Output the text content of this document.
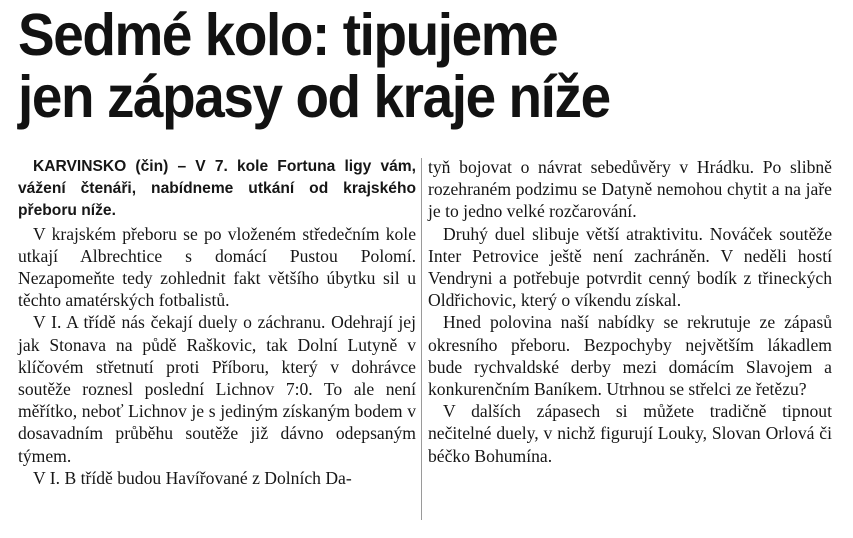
Sedmé kolo: tipujeme
jen zápasy od kraje níže

KARVINSKO (čin) – V 7. kole Fortuna ligy vám, vážení čtenáři, nabídneme utkání od krajského přeboru níže.

V krajském přeboru se po vloženém středečním kole utkají Albrechtice s domácí Pustou Polomí. Nezapomeňte tedy zohlednit fakt většího úbytku sil u těchto amatérských fotbalistů.

V I. A třídě nás čekají duely o záchranu. Odehrají jej jak Stonava na půdě Raškovic, tak Dolní Lutyně v klíčovém střetnutí proti Příboru, který v dohrávce soutěže roznesl poslední Lichnov 7:0. To ale není měřítko, neboť Lichnov je s jediným získaným bodem v dosavadním průběhu soutěže již dávno odepsaným týmem.

V I. B třídě budou Havířované z Dolních Da-

tyň bojovat o návrat sebedůvěry v Hrádku. Po slibně rozehraném podzimu se Datyně nemohou chytit a na jaře je to jedno velké rozčarování.

Druhý duel slibuje větší atraktivitu. Nováček soutěže Inter Petrovice ještě není zachráněn. V neděli hostí Vendryni a potřebuje potvrdit cenný bodík z třineckých Oldřichovic, který o víkendu získal.

Hned polovina naší nabídky se rekrutuje ze zápasů okresního přeboru. Bezpochyby největším lákadlem bude rychvaldské derby mezi domácím Slavojem a konkurenčním Baníkem. Utrhnou se střelci ze řetězu?

V dalších zápasech si můžete tradičně tipnout nečitelné duely, v nichž figurují Louky, Slovan Orlová či béčko Bohumína.
